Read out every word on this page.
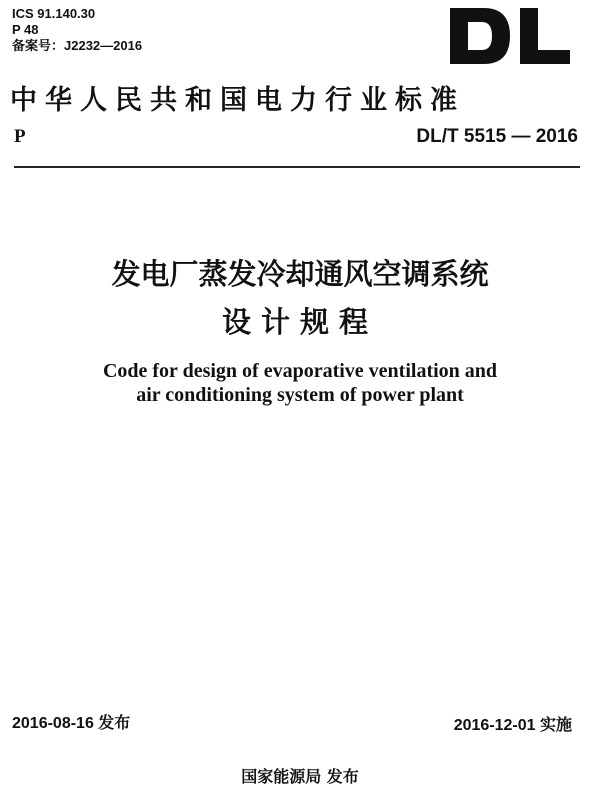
ICS 91.140.30
P 48
备案号：J2232—2016
中华人民共和国电力行业标准
P	DL/T 5515 — 2016
发电厂蒸发冷却通风空调系统
设计规程
Code for design of evaporative ventilation and
air conditioning system of power plant
2016-08-16 发布	2016-12-01 实施
国家能源局 发布
